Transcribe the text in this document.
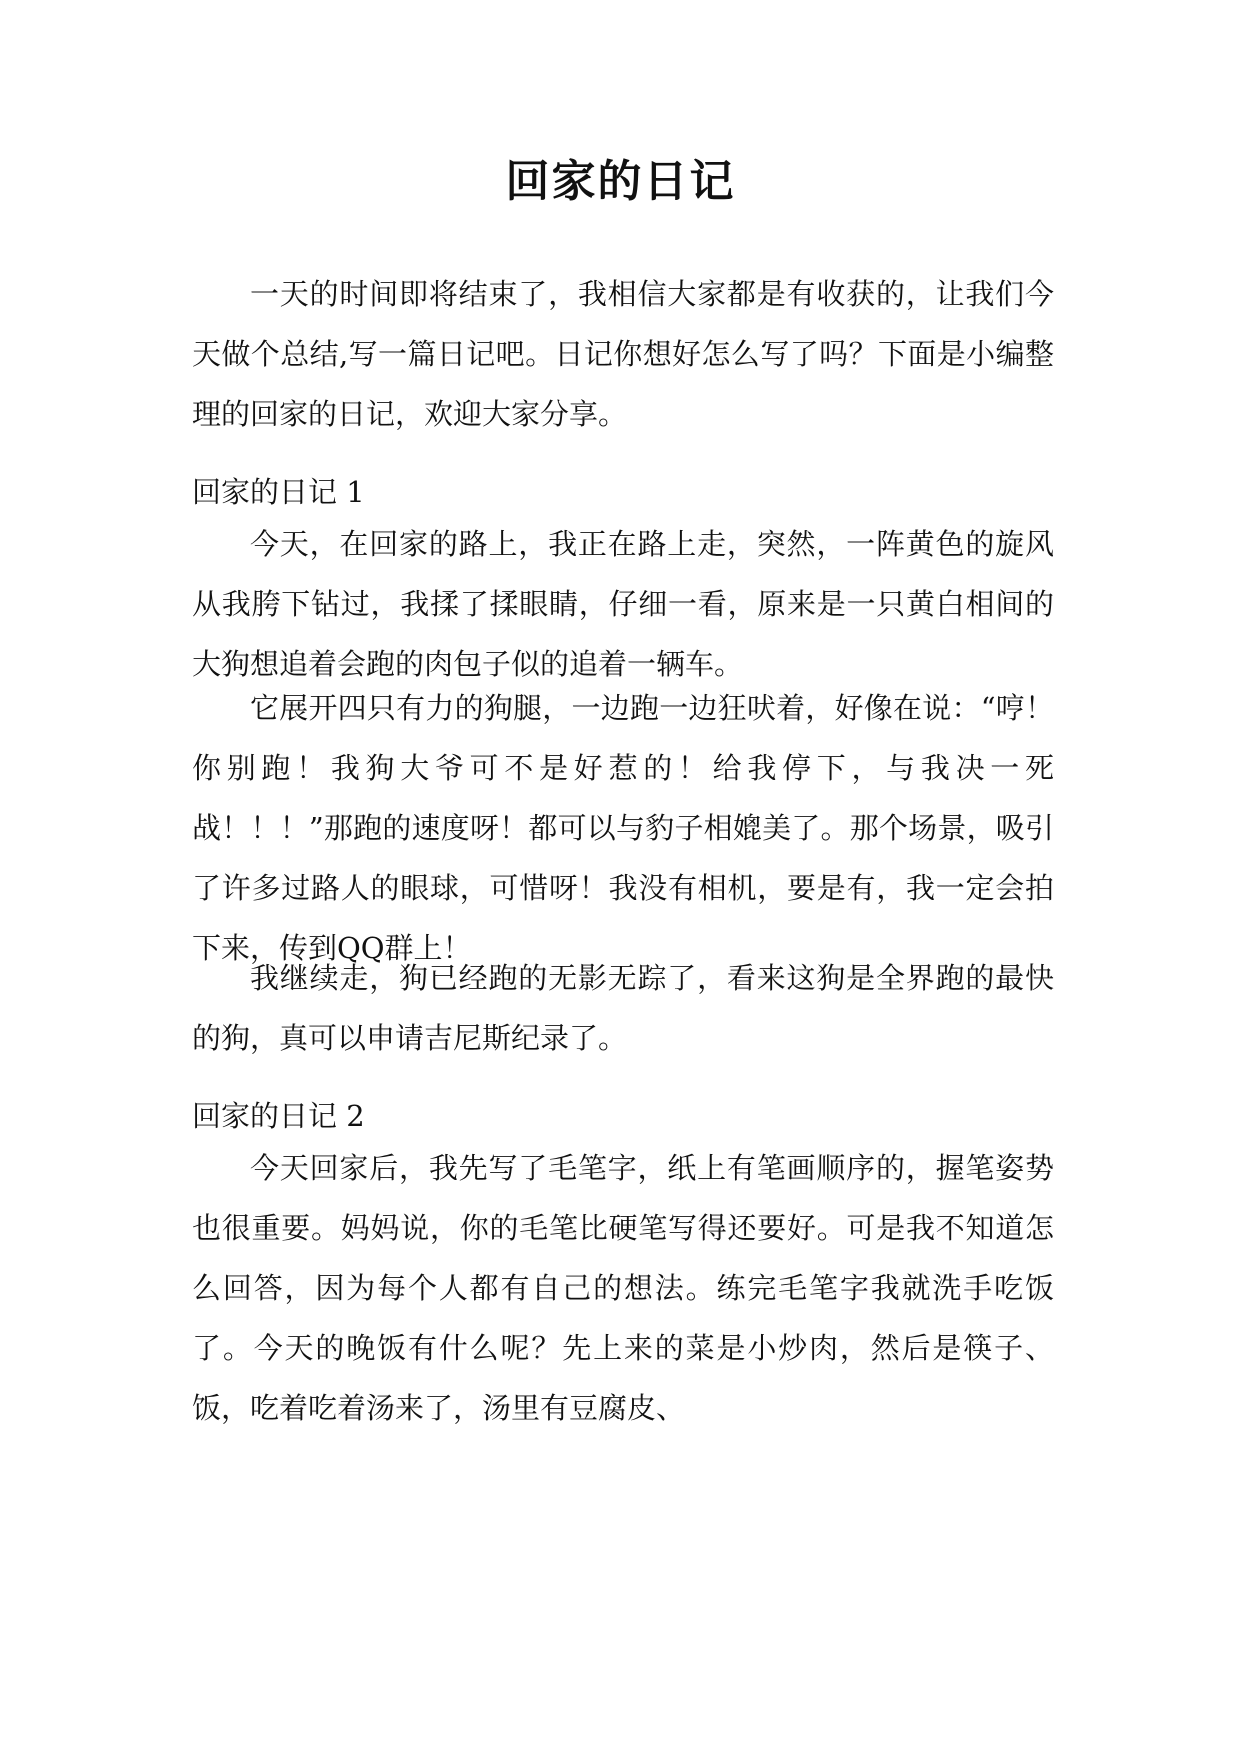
回家的日记

一天的时间即将结束了，我相信大家都是有收获的，让我们今天做个总结,写一篇日记吧。日记你想好怎么写了吗？下面是小编整理的回家的日记，欢迎大家分享。

回家的日记 1

今天，在回家的路上，我正在路上走，突然，一阵黄色的旋风从我胯下钻过，我揉了揉眼睛，仔细一看，原来是一只黄白相间的大狗想追着会跑的肉包子似的追着一辆车。

它展开四只有力的狗腿，一边跑一边狂吠着，好像在说：“哼！你别跑！我狗大爷可不是好惹的！给我停下，与我决一死战！！！”那跑的速度呀！都可以与豹子相媲美了。那个场景，吸引了许多过路人的眼球，可惜呀！我没有相机，要是有，我一定会拍下来，传到QQ群上！

我继续走，狗已经跑的无影无踪了，看来这狗是全界跑的最快的狗，真可以申请吉尼斯纪录了。

回家的日记 2

今天回家后，我先写了毛笔字，纸上有笔画顺序的，握笔姿势也很重要。妈妈说，你的毛笔比硬笔写得还要好。可是我不知道怎么回答，因为每个人都有自己的想法。练完毛笔字我就洗手吃饭了。今天的晚饭有什么呢？先上来的菜是小炒肉，然后是筷子、饭，吃着吃着汤来了，汤里有豆腐皮、
